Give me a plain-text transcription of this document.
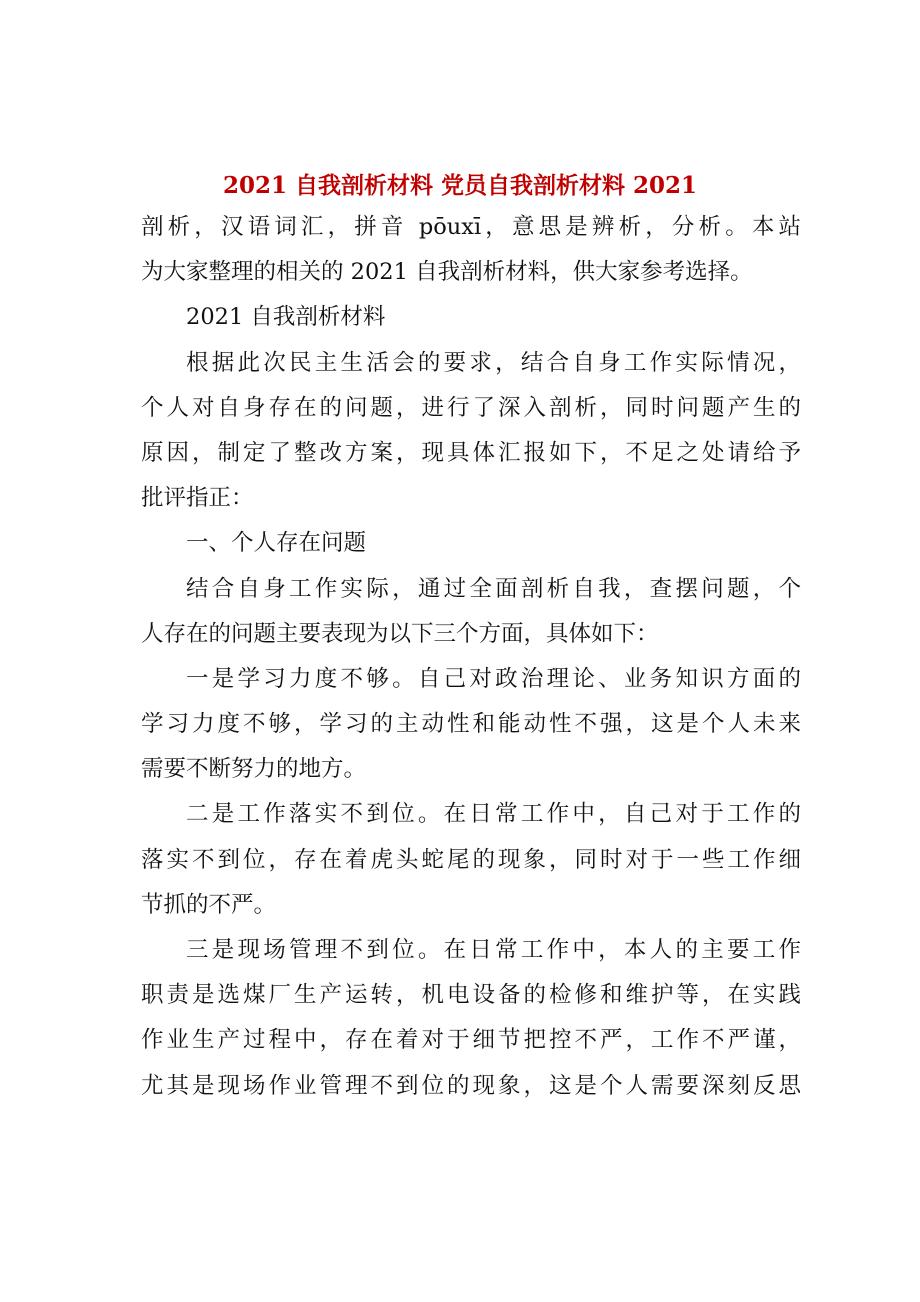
2021 自我剖析材料 党员自我剖析材料 2021
剖析，汉语词汇，拼音 pōuxī，意思是辨析，分析。本站
为大家整理的相关的 2021 自我剖析材料，供大家参考选择。
2021 自我剖析材料
根据此次民主生活会的要求，结合自身工作实际情况，
个人对自身存在的问题，进行了深入剖析，同时问题产生的
原因，制定了整改方案，现具体汇报如下，不足之处请给予
批评指正：
一、个人存在问题
结合自身工作实际，通过全面剖析自我，查摆问题，个
人存在的问题主要表现为以下三个方面，具体如下：
一是学习力度不够。自己对政治理论、业务知识方面的
学习力度不够，学习的主动性和能动性不强，这是个人未来
需要不断努力的地方。
二是工作落实不到位。在日常工作中，自己对于工作的
落实不到位，存在着虎头蛇尾的现象，同时对于一些工作细
节抓的不严。
三是现场管理不到位。在日常工作中，本人的主要工作
职责是选煤厂生产运转，机电设备的检修和维护等，在实践
作业生产过程中，存在着对于细节把控不严，工作不严谨，
尤其是现场作业管理不到位的现象，这是个人需要深刻反思
